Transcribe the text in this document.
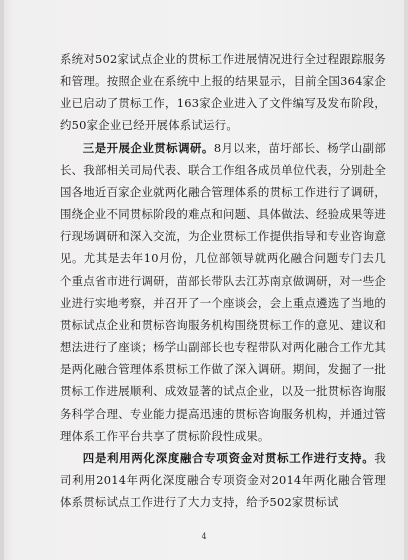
系统对502家试点企业的贯标工作进展情况进行全过程跟踪服务和管理。按照企业在系统中上报的结果显示，目前全国364家企业已启动了贯标工作，163家企业进入了文件编写及发布阶段，约50家企业已经开展体系试运行。

三是开展企业贯标调研。8月以来，苗圩部长、杨学山副部长、我部相关司局代表、联合工作组各成员单位代表，分别赴全国各地近百家企业就两化融合管理体系的贯标工作进行了调研，围绕企业不同贯标阶段的难点和问题、具体做法、经验成果等进行现场调研和深入交流，为企业贯标工作提供指导和专业咨询意见。尤其是去年10月份，几位部领导就两化融合问题专门去几个重点省市进行调研，苗部长带队去江苏南京做调研，对一些企业进行实地考察，并召开了一个座谈会，会上重点遴选了当地的贯标试点企业和贯标咨询服务机构围绕贯标工作的意见、建议和想法进行了座谈；杨学山副部长也专程带队对两化融合工作尤其是两化融合管理体系贯标工作做了深入调研。期间，发掘了一批贯标工作进展顺利、成效显著的试点企业，以及一批贯标咨询服务科学合理、专业能力提高迅速的贯标咨询服务机构，并通过管理体系工作平台共享了贯标阶段性成果。

四是利用两化深度融合专项资金对贯标工作进行支持。我司利用2014年两化深度融合专项资金对2014年两化融合管理体系贯标试点工作进行了大力支持，给予502家贯标试

4
